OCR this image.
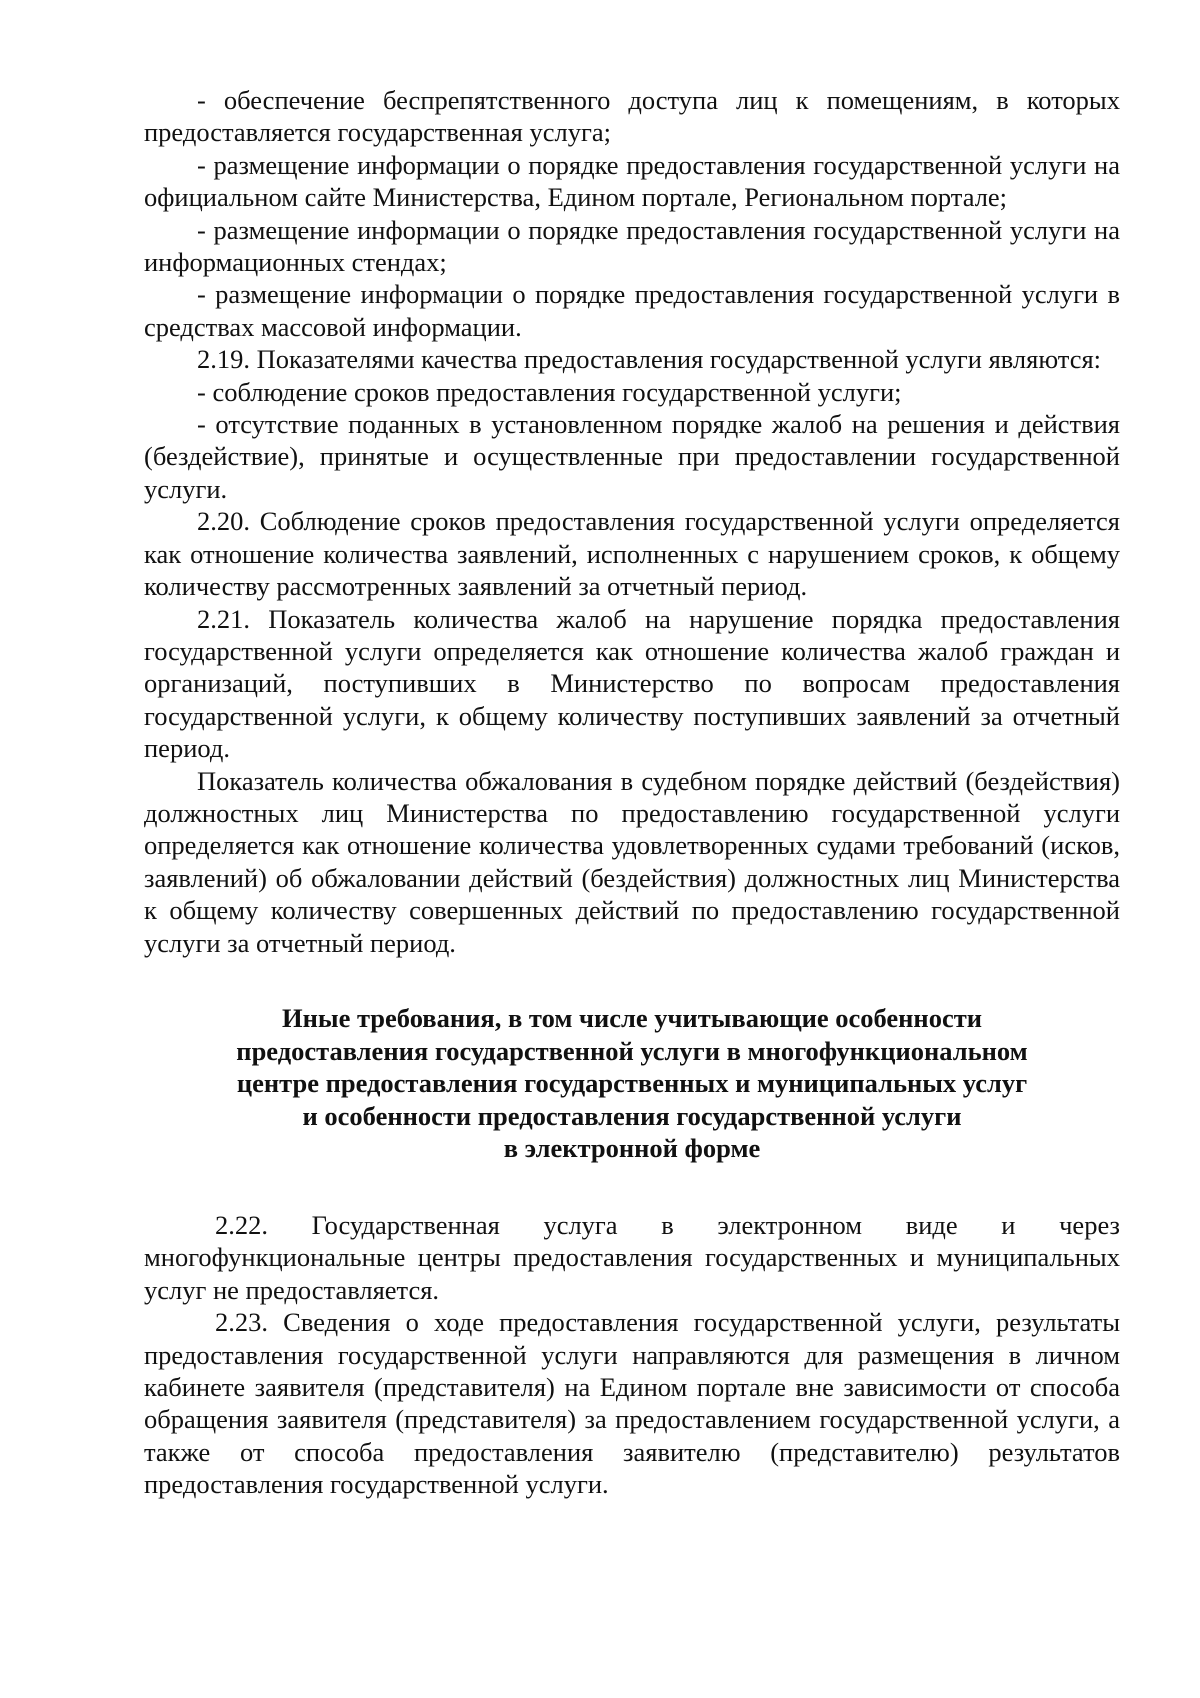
- обеспечение беспрепятственного доступа лиц к помещениям, в которых предоставляется государственная услуга;

- размещение информации о порядке предоставления государственной услуги на официальном сайте Министерства, Едином портале, Региональном портале;

- размещение информации о порядке предоставления государственной услуги на информационных стендах;

- размещение информации о порядке предоставления государственной услуги в средствах массовой информации.

2.19. Показателями качества предоставления государственной услуги являются:

- соблюдение сроков предоставления государственной услуги;

- отсутствие поданных в установленном порядке жалоб на решения и действия (бездействие), принятые и осуществленные при предоставлении государственной услуги.

2.20. Соблюдение сроков предоставления государственной услуги определяется как отношение количества заявлений, исполненных с нарушением сроков, к общему количеству рассмотренных заявлений за отчетный период.

2.21. Показатель количества жалоб на нарушение порядка предоставления государственной услуги определяется как отношение количества жалоб граждан и организаций, поступивших в Министерство по вопросам предоставления государственной услуги, к общему количеству поступивших заявлений за отчетный период.

Показатель количества обжалования в судебном порядке действий (бездействия) должностных лиц Министерства по предоставлению государственной услуги определяется как отношение количества удовлетворенных судами требований (исков, заявлений) об обжаловании действий (бездействия) должностных лиц Министерства к общему количеству совершенных действий по предоставлению государственной услуги за отчетный период.

Иные требования, в том числе учитывающие особенности
предоставления государственной услуги в многофункциональном
центре предоставления государственных и муниципальных услуг
и особенности предоставления государственной услуги
в электронной форме

2.22. Государственная услуга в электронном виде и через многофункциональные центры предоставления государственных и муниципальных услуг не предоставляется.

2.23. Сведения о ходе предоставления государственной услуги, результаты предоставления государственной услуги направляются для размещения в личном кабинете заявителя (представителя) на Едином портале вне зависимости от способа обращения заявителя (представителя) за предоставлением государственной услуги, а также от способа предоставления заявителю (представителю) результатов предоставления государственной услуги.
